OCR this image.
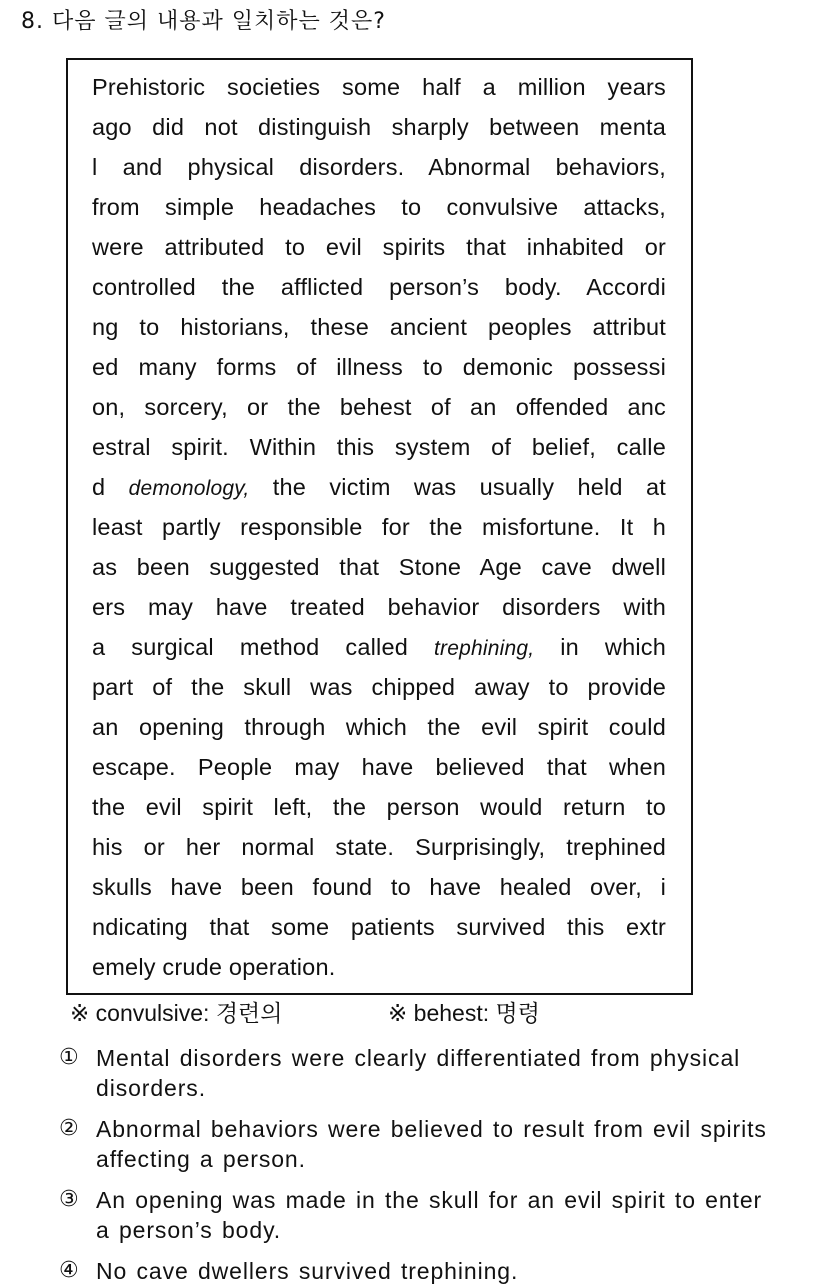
8. 다음 글의 내용과 일치하는 것은?
Prehistoric societies some half a million years
ago did not distinguish sharply between menta
l and physical disorders. Abnormal behaviors,
from simple headaches to convulsive attacks,
were attributed to evil spirits that inhabited or
controlled the afflicted person’s body. Accordi
ng to historians, these ancient peoples attribut
ed many forms of illness to demonic possessi
on, sorcery, or the behest of an offended anc
estral spirit. Within this system of belief, calle
d demonology, the victim was usually held at
least partly responsible for the misfortune. It h
as been suggested that Stone Age cave dwell
ers may have treated behavior disorders with
a surgical method called trephining, in which
part of the skull was chipped away to provide
an opening through which the evil spirit could
escape. People may have believed that when
the evil spirit left, the person would return to
his or her normal state. Surprisingly, trephined
skulls have been found to have healed over, i
ndicating that some patients survived this extr
emely crude operation.
※ convulsive: 경련의	※ behest: 명령
① Mental disorders were clearly differentiated from physical disorders.
② Abnormal behaviors were believed to result from evil spirits affecting a person.
③ An opening was made in the skull for an evil spirit to enter a person’s body.
④ No cave dwellers survived trephining.
